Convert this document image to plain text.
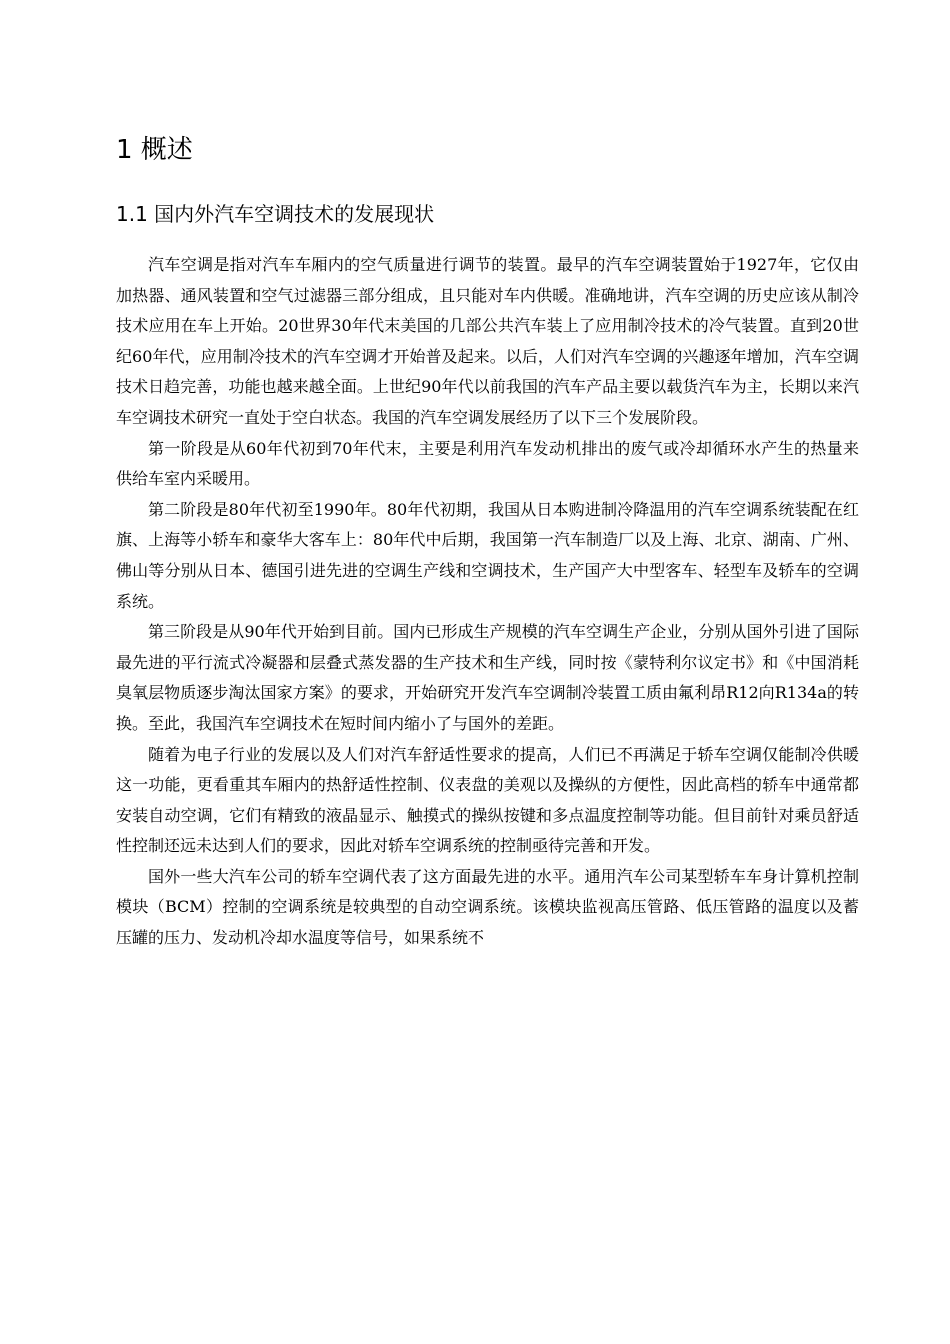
1 概述
1.1 国内外汽车空调技术的发展现状

汽车空调是指对汽车车厢内的空气质量进行调节的装置。最早的汽车空调装置始于1927年，它仅由加热器、通风装置和空气过滤器三部分组成，且只能对车内供暖。准确地讲，汽车空调的历史应该从制冷技术应用在车上开始。20世界30年代末美国的几部公共汽车装上了应用制冷技术的冷气装置。直到20世纪60年代，应用制冷技术的汽车空调才开始普及起来。以后，人们对汽车空调的兴趣逐年增加，汽车空调技术日趋完善，功能也越来越全面。上世纪90年代以前我国的汽车产品主要以载货汽车为主，长期以来汽车空调技术研究一直处于空白状态。我国的汽车空调发展经历了以下三个发展阶段。

第一阶段是从60年代初到70年代末，主要是利用汽车发动机排出的废气或冷却循环水产生的热量来供给车室内采暖用。

第二阶段是80年代初至1990年。80年代初期，我国从日本购进制冷降温用的汽车空调系统装配在红旗、上海等小轿车和豪华大客车上：80年代中后期，我国第一汽车制造厂以及上海、北京、湖南、广州、佛山等分别从日本、德国引进先进的空调生产线和空调技术，生产国产大中型客车、轻型车及轿车的空调系统。

第三阶段是从90年代开始到目前。国内已形成生产规模的汽车空调生产企业，分别从国外引进了国际最先进的平行流式冷凝器和层叠式蒸发器的生产技术和生产线，同时按《蒙特利尔议定书》和《中国消耗臭氧层物质逐步淘汰国家方案》的要求，开始研究开发汽车空调制冷装置工质由氟利昂R12向R134a的转换。至此，我国汽车空调技术在短时间内缩小了与国外的差距。

随着为电子行业的发展以及人们对汽车舒适性要求的提高，人们已不再满足于轿车空调仅能制冷供暖这一功能，更看重其车厢内的热舒适性控制、仪表盘的美观以及操纵的方便性，因此高档的轿车中通常都安装自动空调，它们有精致的液晶显示、触摸式的操纵按键和多点温度控制等功能。但目前针对乘员舒适性控制还远未达到人们的要求，因此对轿车空调系统的控制亟待完善和开发。

国外一些大汽车公司的轿车空调代表了这方面最先进的水平。通用汽车公司某型轿车车身计算机控制模块（BCM）控制的空调系统是较典型的自动空调系统。该模块监视高压管路、低压管路的温度以及蓄压罐的压力、发动机冷却水温度等信号，如果系统不
